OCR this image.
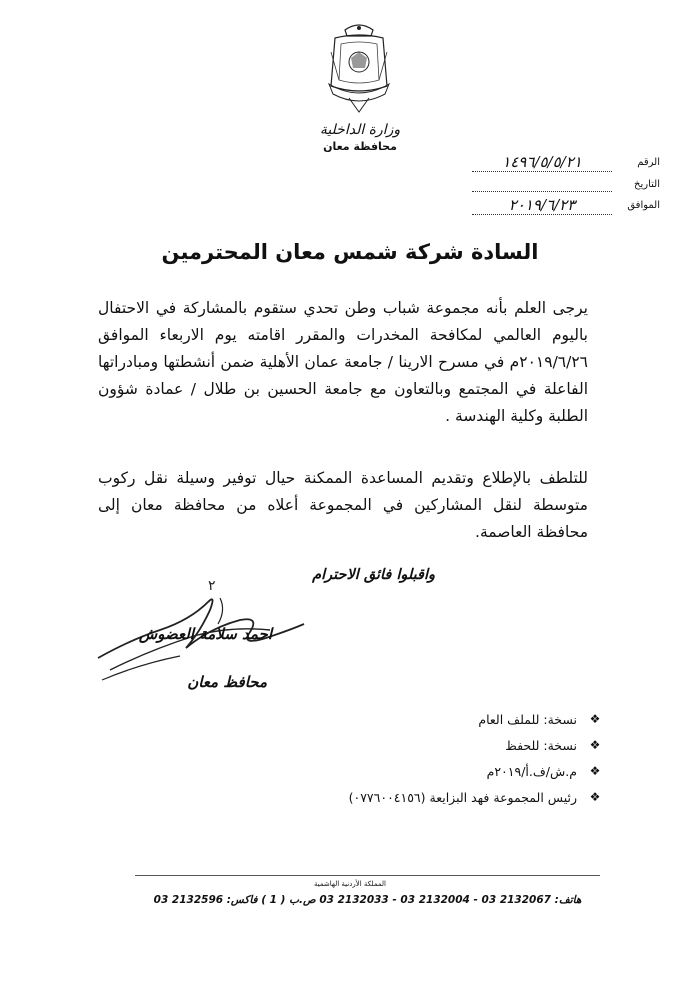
وزارة الداخلية
محافظة معان
الرقم
١٤٩٦/٥/٥/٢١
التاريخ
الموافق
٢٠١٩/٦/٢٣
السادة شركة شمس معان المحترمين
يرجى العلم بأنه مجموعة شباب وطن تحدي ستقوم بالمشاركة في الاحتفال باليوم العالمي لمكافحة المخدرات والمقرر اقامته يوم الاربعاء الموافق ٢٠١٩/٦/٢٦م في مسرح الارينا / جامعة عمان الأهلية ضمن أنشطتها ومبادراتها الفاعلة في المجتمع وبالتعاون مع جامعة الحسين بن طلال / عمادة شؤون الطلبة وكلية الهندسة .
للتلطف بالإطلاع وتقديم المساعدة الممكنة حيال توفير وسيلة نقل ركوب متوسطة لنقل المشاركين في المجموعة أعلاه من محافظة معان إلى محافظة العاصمة.
واقبلوا فائق الاحترام
٢
احمد سلامة العضوش
محافظ معان
❖
نسخة: للملف العام
❖
نسخة: للحفظ
❖
م.ش/ف.أ/٢٠١٩م
❖
رئيس المجموعة فهد البزايعة (٠٧٧٦٠٠٤١٥٦)
المملكة الأردنية الهاشمية
هاتف: 2132067 03 - 2132004 03 - 2132033 03 ص.ب ( 1 ) فاكس: 2132596 03
